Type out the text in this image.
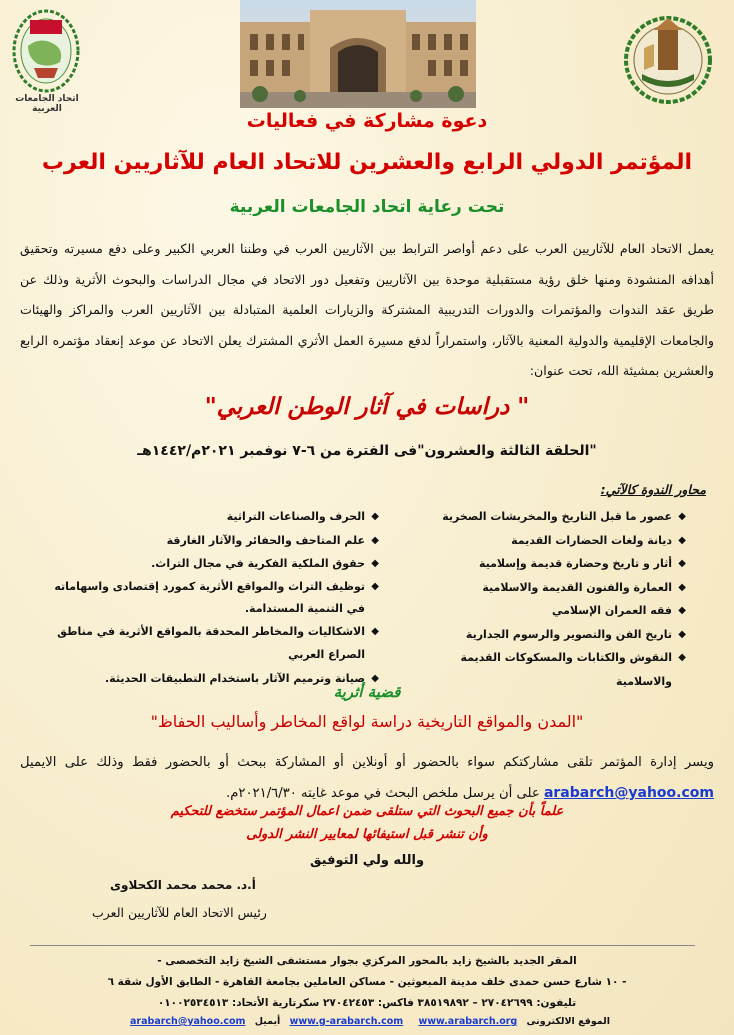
اتحاد الجامعات العربية
دعوة مشاركة في فعاليات
المؤتمر الدولي الرابع والعشرين للاتحاد العام للآثاريين العرب
تحت رعاية اتحاد الجامعات العربية
يعمل الاتحاد العام للآثاريين العرب على دعم أواصر الترابط بين الآثاريين العرب في وطننا العربي الكبير وعلى دفع مسيرته وتحقيق أهدافه المنشودة ومنها خلق رؤية مستقبلية موحدة بين الآثاريين وتفعيل دور الاتحاد في مجال الدراسات والبحوث الأثرية وذلك عن طريق عقد الندوات والمؤتمرات والدورات التدريبية المشتركة والزيارات العلمية المتبادلة بين الآثاريين العرب والمراكز والهيئات والجامعات الإقليمية والدولية المعنية بالآثار، واستمراراً لدفع مسيرة العمل الأثري المشترك يعلن الاتحاد عن موعد إنعقاد مؤتمره الرابع والعشرين بمشيئة الله، تحت عنوان:
" دراسات في آثار الوطن العربي"
"الحلقة الثالثة والعشرون"فى الفترة من ٦-٧ نوفمبر ٢٠٢١م/١٤٤٢هـ
محاور الندوة كالآتي:
◆
عصور ما قبل التاريخ والمخربشات الصخرية
◆
ديانة ولغات الحضارات القديمة
◆
أثار و تاريخ وحضارة قديمة وإسلامية
◆
العمارة والفنون القديمة والاسلامية
◆
فقه العمران الإسلامي
◆
تاريخ الفن والتصوير والرسوم الجدارية
◆
النقوش والكتابات والمسكوكات القديمة والاسلامية
◆
الحرف والصناعات التراثية
◆
علم المتاحف والحفائر والآثار الغارقة
◆
حقوق الملكية الفكرية في مجال التراث.
◆
توظيف التراث والمواقع الأثرية كمورد إقتصادى واسهاماته في التنمية المستدامة.
◆
الاشكاليات والمخاطر المحدقة بالمواقع الأثرية في مناطق الصراع العربي
◆
صيانة وترميم الآثار باستخدام التطبيقات الحديثة.
قضية أثرية
"المدن والمواقع التاريخية دراسة لواقع المخاطر وأساليب الحفاظ"
ويسر إدارة المؤتمر تلقى مشاركتكم سواء بالحضور أو أونلاين أو المشاركة ببحث أو بالحضور فقط وذلك على الايميل arabarch@yahoo.com على أن يرسل ملخص البحث في موعد غايته ٢٠٢١/٦/٣٠م.
علماً بأن جميع البحوث التي ستلقى ضمن اعمال المؤتمر ستخضع للتحكيم
وأن تنشر قبل استيفائها لمعايير النشر الدولى
والله ولي التوفيق
أ.د. محمد محمد الكحلاوى
رئيس الاتحاد العام للآثاريين العرب
المقر الجديد بالشيخ زايد بالمحور المركزي بجوار مستشفى الشيخ زايد التخصصى -
- ١٠ شارع حسن حمدى خلف مدينة المبعوثين - مساكن العاملين بجامعة القاهرة - الطابق الأول شقة ٦
تليفون: ٢٧٠٤٢٦٩٩ – ٣٨٥١٩٨٩٢ فاكس: ٢٧٠٤٢٤٥٣ سكرتارية الأتحاد: ٠١٠٠٢٥٣٤٥١٣
الموقع الالكترونى www.g-arabarch.com www.arabarch.org أيميل arabarch@yahoo.com
